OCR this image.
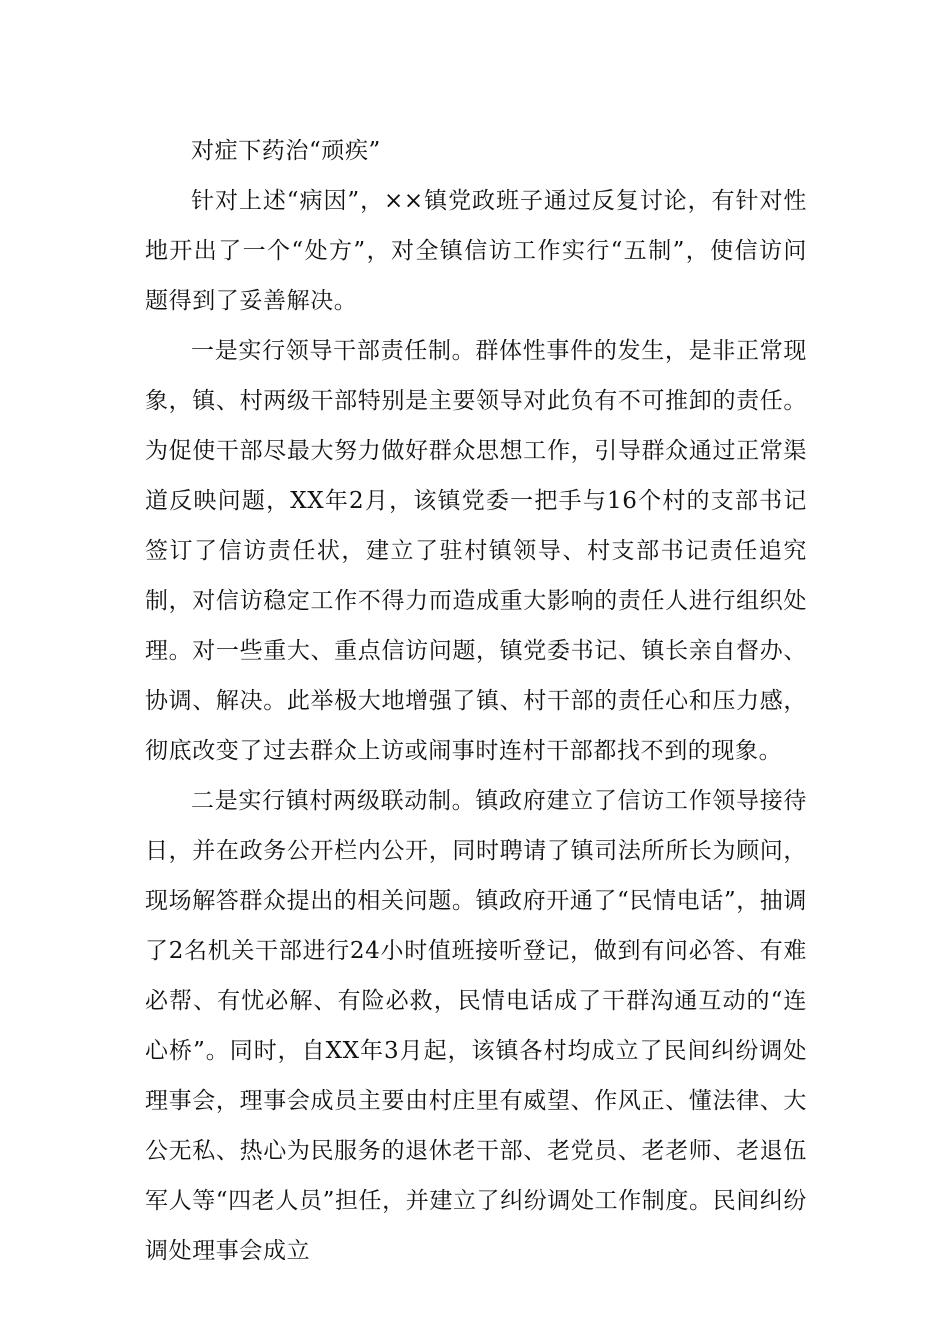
对症下药治“顽疾”

针对上述“病因”，××镇党政班子通过反复讨论，有针对性地开出了一个“处方”，对全镇信访工作实行“五制”，使信访问题得到了妥善解决。

一是实行领导干部责任制。群体性事件的发生，是非正常现象，镇、村两级干部特别是主要领导对此负有不可推卸的责任。为促使干部尽最大努力做好群众思想工作，引导群众通过正常渠道反映问题，XX年2月，该镇党委一把手与16个村的支部书记签订了信访责任状，建立了驻村镇领导、村支部书记责任追究制，对信访稳定工作不得力而造成重大影响的责任人进行组织处理。对一些重大、重点信访问题，镇党委书记、镇长亲自督办、协调、解决。此举极大地增强了镇、村干部的责任心和压力感，彻底改变了过去群众上访或闹事时连村干部都找不到的现象。

二是实行镇村两级联动制。镇政府建立了信访工作领导接待日，并在政务公开栏内公开，同时聘请了镇司法所所长为顾问，现场解答群众提出的相关问题。镇政府开通了“民情电话”，抽调了2名机关干部进行24小时值班接听登记，做到有问必答、有难必帮、有忧必解、有险必救，民情电话成了干群沟通互动的“连心桥”。同时，自XX年3月起，该镇各村均成立了民间纠纷调处理事会，理事会成员主要由村庄里有威望、作风正、懂法律、大公无私、热心为民服务的退休老干部、老党员、老老师、老退伍军人等“四老人员”担任，并建立了纠纷调处工作制度。民间纠纷调处理事会成立
